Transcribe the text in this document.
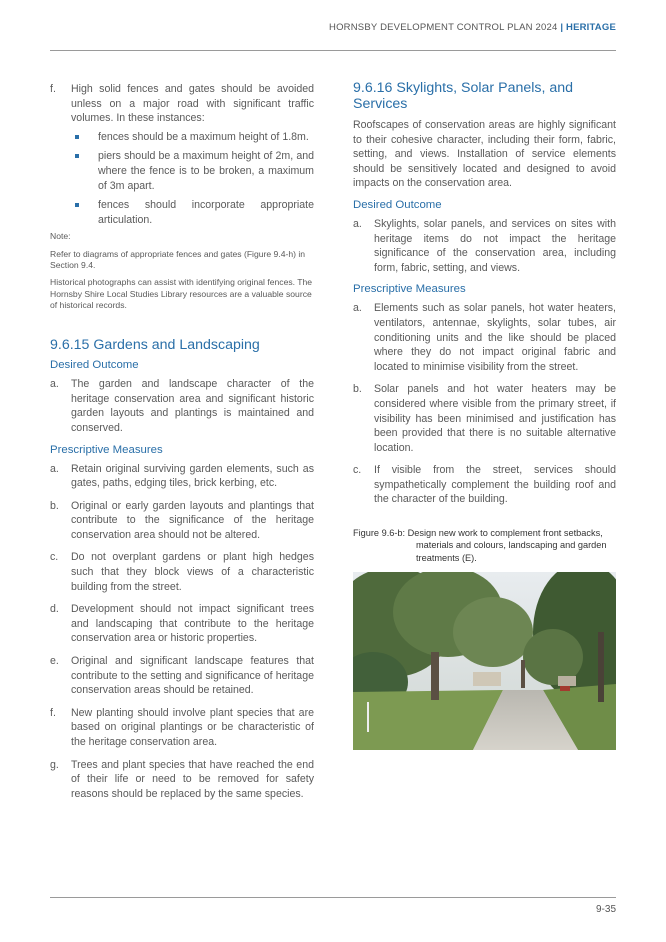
HORNSBY DEVELOPMENT CONTROL PLAN 2024 | HERITAGE
f. High solid fences and gates should be avoided unless on a major road with significant traffic volumes. In these instances:
fences should be a maximum height of 1.8m.
piers should be a maximum height of 2m, and where the fence is to be broken, a maximum of 3m apart.
fences should incorporate appropriate articulation.
Note:
Refer to diagrams of appropriate fences and gates (Figure 9.4-h) in Section 9.4.
Historical photographs can assist with identifying original fences. The Hornsby Shire Local Studies Library resources are a valuable source of historical records.
9.6.15 Gardens and Landscaping
Desired Outcome
a. The garden and landscape character of the heritage conservation area and significant historic garden layouts and plantings is maintained and conserved.
Prescriptive Measures
a. Retain original surviving garden elements, such as gates, paths, edging tiles, brick kerbing, etc.
b. Original or early garden layouts and plantings that contribute to the significance of the heritage conservation area should not be altered.
c. Do not overplant gardens or plant high hedges such that they block views of a characteristic building from the street.
d. Development should not impact significant trees and landscaping that contribute to the heritage conservation area or historic properties.
e. Original and significant landscape features that contribute to the setting and significance of heritage conservation areas should be retained.
f. New planting should involve plant species that are based on original plantings or be characteristic of the heritage conservation area.
g. Trees and plant species that have reached the end of their life or need to be removed for safety reasons should be replaced by the same species.
9.6.16 Skylights, Solar Panels, and Services
Roofscapes of conservation areas are highly significant to their cohesive character, including their form, fabric, setting, and views. Installation of service elements should be sensitively located and designed to avoid impacts on the conservation area.
Desired Outcome
a. Skylights, solar panels, and services on sites with heritage items do not impact the heritage significance of the conservation area, including form, fabric, setting, and views.
Prescriptive Measures
a. Elements such as solar panels, hot water heaters, ventilators, antennae, skylights, solar tubes, air conditioning units and the like should be placed where they do not impact original fabric and located to minimise visibility from the street.
b. Solar panels and hot water heaters may be considered where visible from the primary street, if visibility has been minimised and justification has been provided that there is no suitable alternative location.
c. If visible from the street, services should sympathetically complement the building roof and the character of the building.
Figure 9.6-b: Design new work to complement front setbacks,
materials and colours, landscaping and garden
treatments (E).
9-35
